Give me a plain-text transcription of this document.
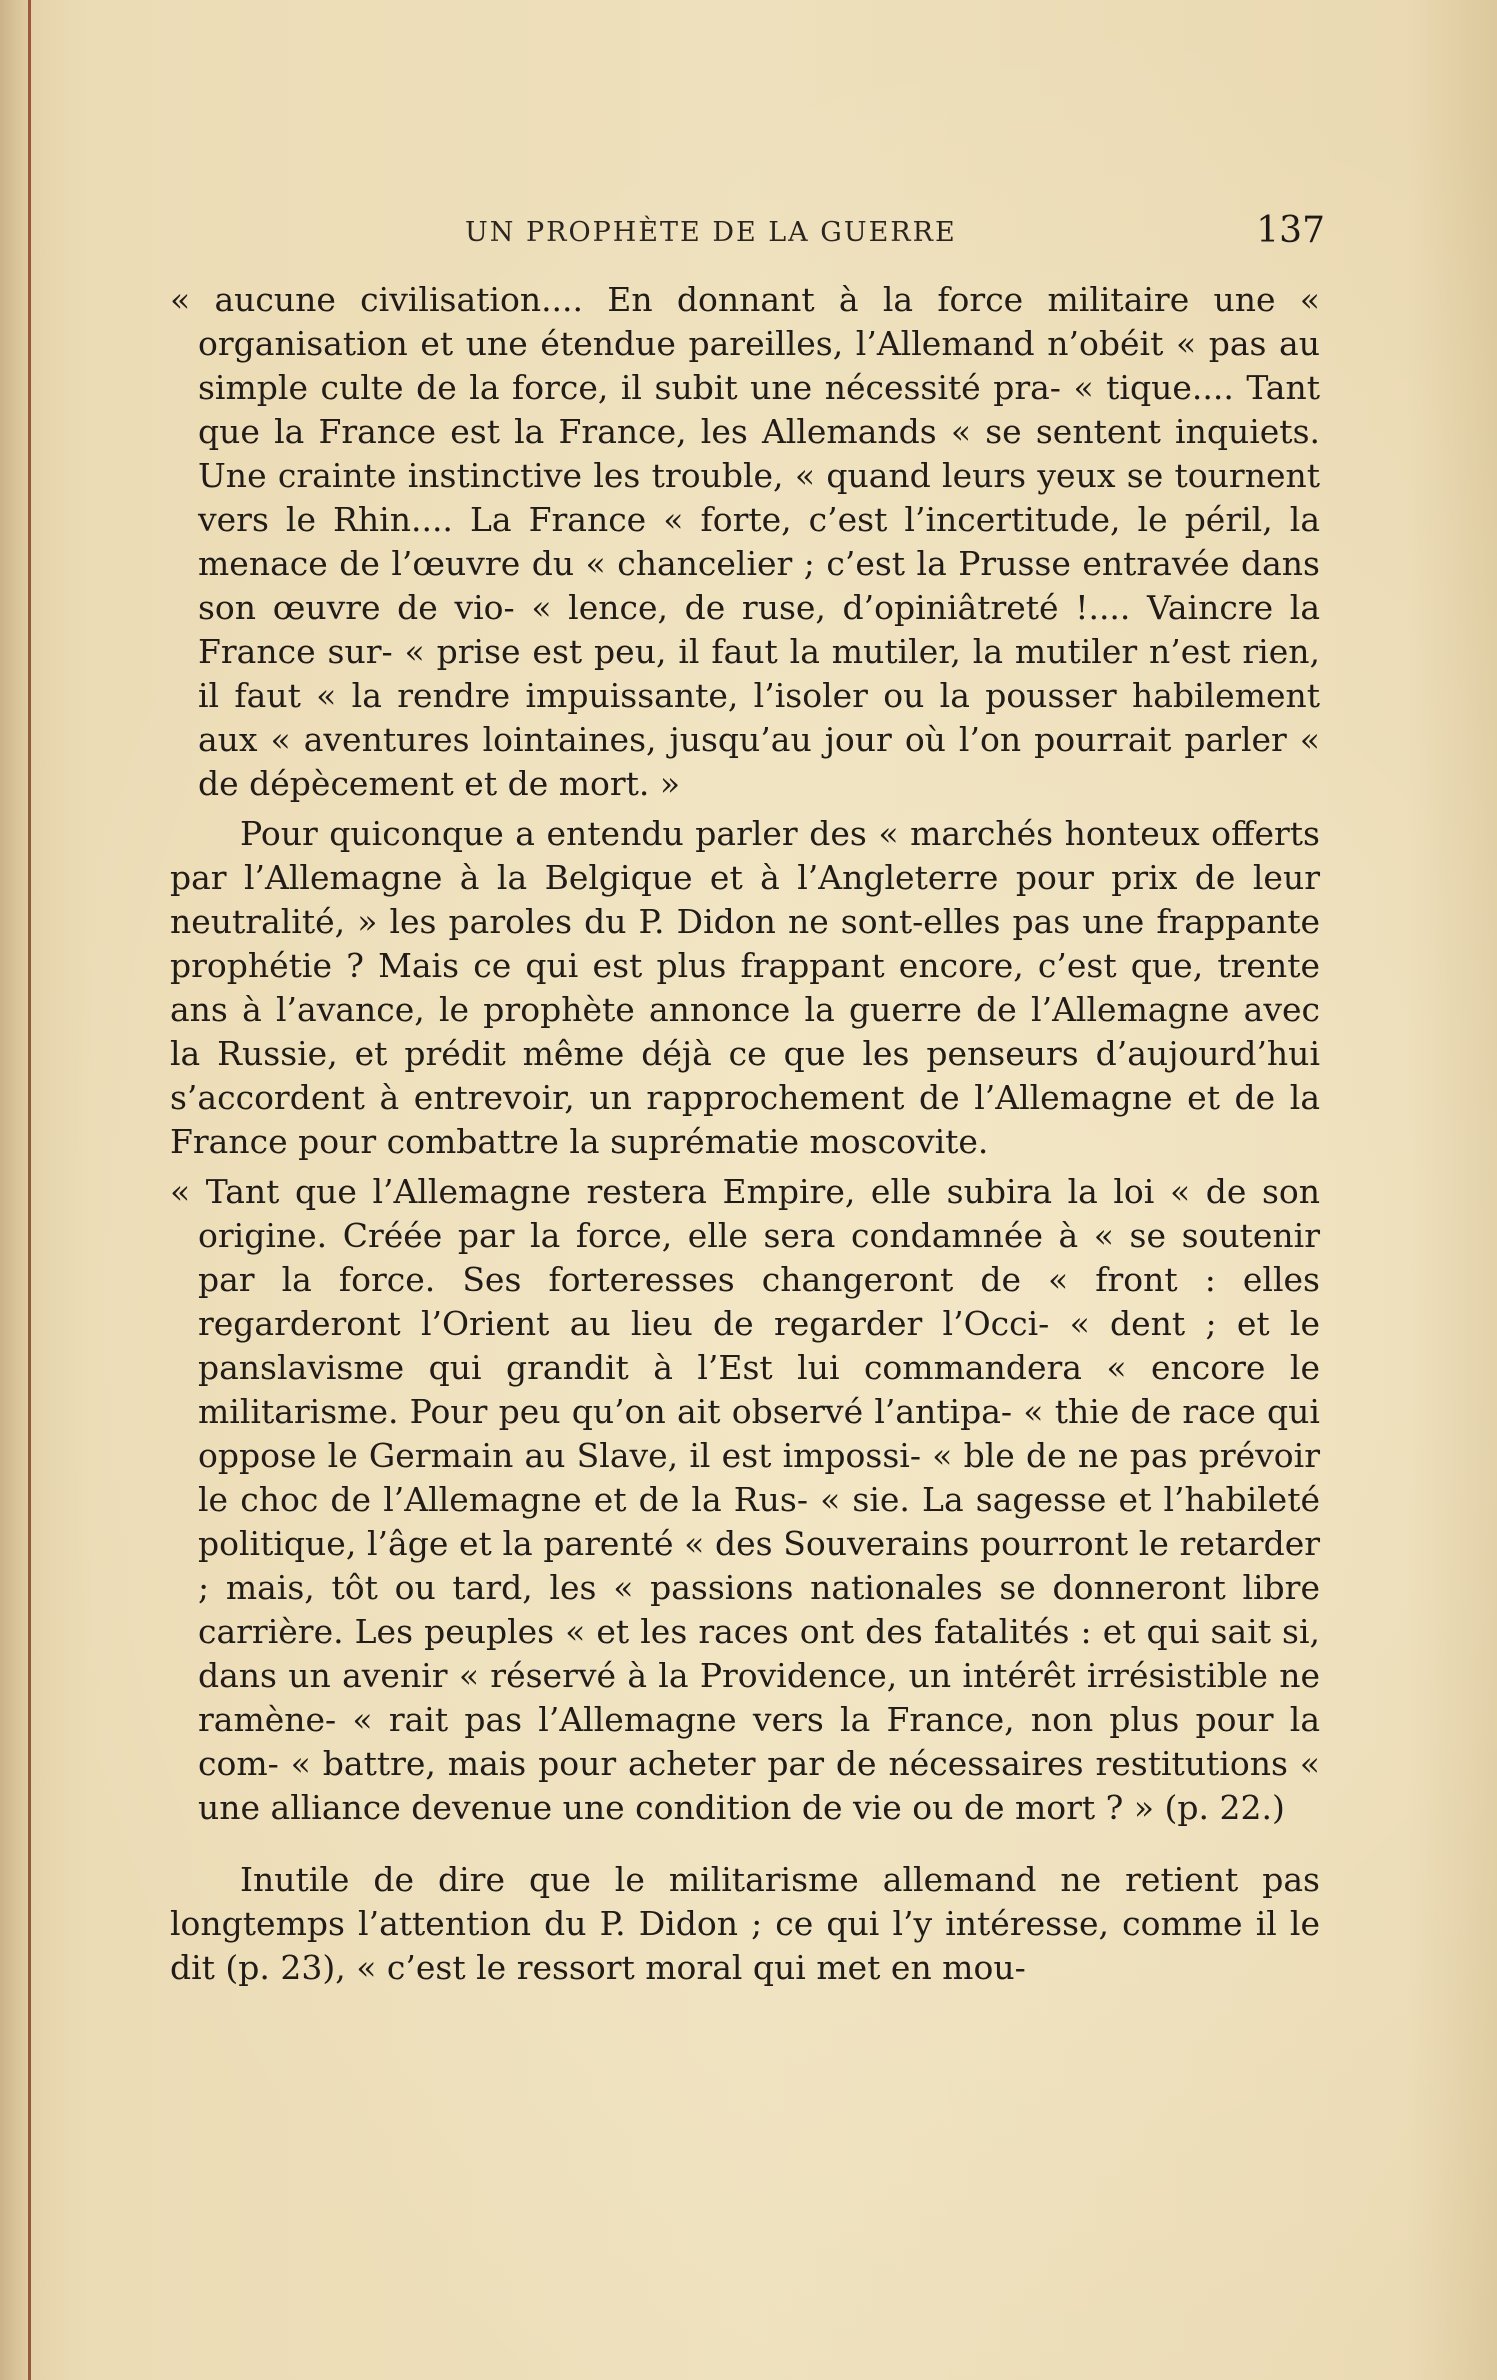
UN PROPHÈTE DE LA GUERRE	137

« aucune civilisation.... En donnant à la force militaire une « organisation et une étendue pareilles, l’Allemand n’obéit « pas au simple culte de la force, il subit une nécessité pra- « tique.... Tant que la France est la France, les Allemands « se sentent inquiets. Une crainte instinctive les trouble, « quand leurs yeux se tournent vers le Rhin.... La France « forte, c’est l’incertitude, le péril, la menace de l’œuvre du « chancelier ; c’est la Prusse entravée dans son œuvre de vio- « lence, de ruse, d’opiniâtreté !.... Vaincre la France sur- « prise est peu, il faut la mutiler, la mutiler n’est rien, il faut « la rendre impuissante, l’isoler ou la pousser habilement aux « aventures lointaines, jusqu’au jour où l’on pourrait parler « de dépècement et de mort. »

Pour quiconque a entendu parler des « marchés honteux offerts par l’Allemagne à la Belgique et à l’Angleterre pour prix de leur neutralité, » les paroles du P. Didon ne sont-elles pas une frappante prophétie ? Mais ce qui est plus frappant encore, c’est que, trente ans à l’avance, le prophète annonce la guerre de l’Allemagne avec la Russie, et prédit même déjà ce que les penseurs d’aujourd’hui s’accordent à entrevoir, un rapprochement de l’Allemagne et de la France pour combattre la suprématie moscovite.

« Tant que l’Allemagne restera Empire, elle subira la loi « de son origine. Créée par la force, elle sera condamnée à « se soutenir par la force. Ses forteresses changeront de « front : elles regarderont l’Orient au lieu de regarder l’Occi- « dent ; et le panslavisme qui grandit à l’Est lui commandera « encore le militarisme. Pour peu qu’on ait observé l’antipa- « thie de race qui oppose le Germain au Slave, il est impossi- « ble de ne pas prévoir le choc de l’Allemagne et de la Rus- « sie. La sagesse et l’habileté politique, l’âge et la parenté « des Souverains pourront le retarder ; mais, tôt ou tard, les « passions nationales se donneront libre carrière. Les peuples « et les races ont des fatalités : et qui sait si, dans un avenir « réservé à la Providence, un intérêt irrésistible ne ramène- « rait pas l’Allemagne vers la France, non plus pour la com- « battre, mais pour acheter par de nécessaires restitutions « une alliance devenue une condition de vie ou de mort ? » (p. 22.)

Inutile de dire que le militarisme allemand ne retient pas longtemps l’attention du P. Didon ; ce qui l’y intéresse, comme il le dit (p. 23), « c’est le ressort moral qui met en mou-
